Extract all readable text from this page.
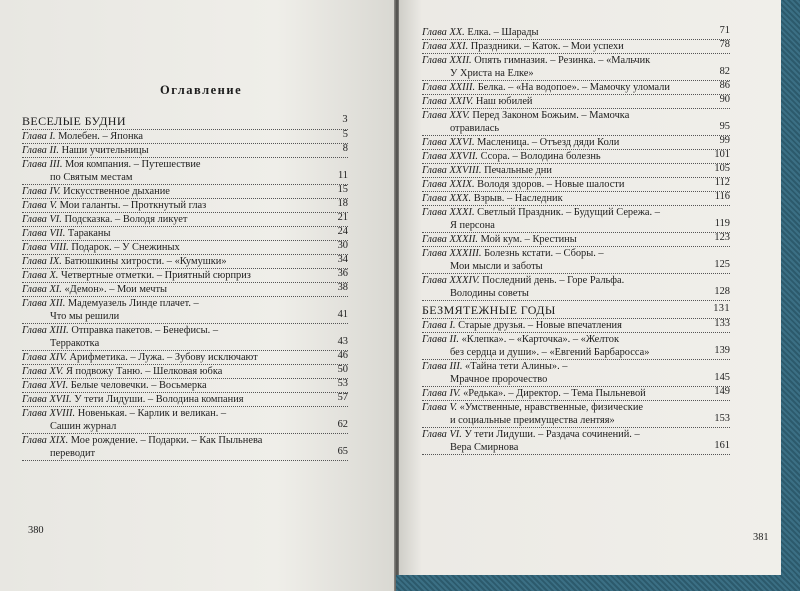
Оглавление
ВЕСЕЛЫЕ БУДНИ	3
Глава I. Молебен. – Японка	5
Глава II. Наши учительницы	8
Глава III. Моя компания. – Путешествие
по Святым местам	11
Глава IV. Искусственное дыхание	15
Глава V. Мои галанты. – Проткнутый глаз	18
Глава VI. Подсказка. – Володя ликует	21
Глава VII. Тараканы	24
Глава VIII. Подарок. – У Снежиных	30
Глава IX. Батюшкины хитрости. – «Кумушки»	34
Глава X. Четвертные отметки. – Приятный сюрприз	36
Глава XI. «Демон». – Мои мечты	38
Глава XII. Мадемуазель Линде плачет. –
Что мы решили	41
Глава XIII. Отправка пакетов. – Бенефисы. –
Терракотка	43
Глава XIV. Арифметика. – Лужа. – Зубову исключают	46
Глава XV. Я подвожу Таню. – Шелковая юбка	50
Глава XVI. Белые человечки. – Восьмерка	53
Глава XVII. У тети Лидуши. – Володина компания	57
Глава XVIII. Новенькая. – Карлик и великан. –
Сашин журнал	62
Глава XIX. Мое рождение. – Подарки. – Как Пыльнева
переводит	65
380
Глава XX. Елка. – Шарады	71
Глава XXI. Праздники. – Каток. – Мои успехи	78
Глава XXII. Опять гимназия. – Резинка. – «Мальчик
У Христа на Елке»	82
Глава XXIII. Белка. – «На водопое». – Мамочку уломали	86
Глава XXIV. Наш юбилей	90
Глава XXV. Перед Законом Божьим. – Мамочка
отравилась	95
Глава XXVI. Масленица. – Отъезд дяди Коли	99
Глава XXVII. Ссора. – Володина болезнь	101
Глава XXVIII. Печальные дни	105
Глава XXIX. Володя здоров. – Новые шалости	112
Глава XXX. Взрыв. – Наследник	116
Глава XXXI. Светлый Праздник. – Будущий Сережа. –
Я персона	119
Глава XXXII. Мой кум. – Крестины	123
Глава XXXIII. Болезнь кстати. – Сборы. –
Мои мысли и заботы	125
Глава XXXIV. Последний день. – Горе Ральфа.
Володины советы	128
БЕЗМЯТЕЖНЫЕ ГОДЫ	131
Глава I. Старые друзья. – Новые впечатления	133
Глава II. «Клепка». – «Карточка». – «Желток
без сердца и души». – «Евгений Барбаросса»	139
Глава III. «Тайна тети Алины». –
Мрачное пророчество	145
Глава IV. «Редька». – Директор. – Тема Пыльневой	149
Глава V. «Умственные, нравственные, физические
и социальные преимущества лентяя»	153
Глава VI. У тети Лидуши. – Раздача сочинений. –
Вера Смирнова	161
381
